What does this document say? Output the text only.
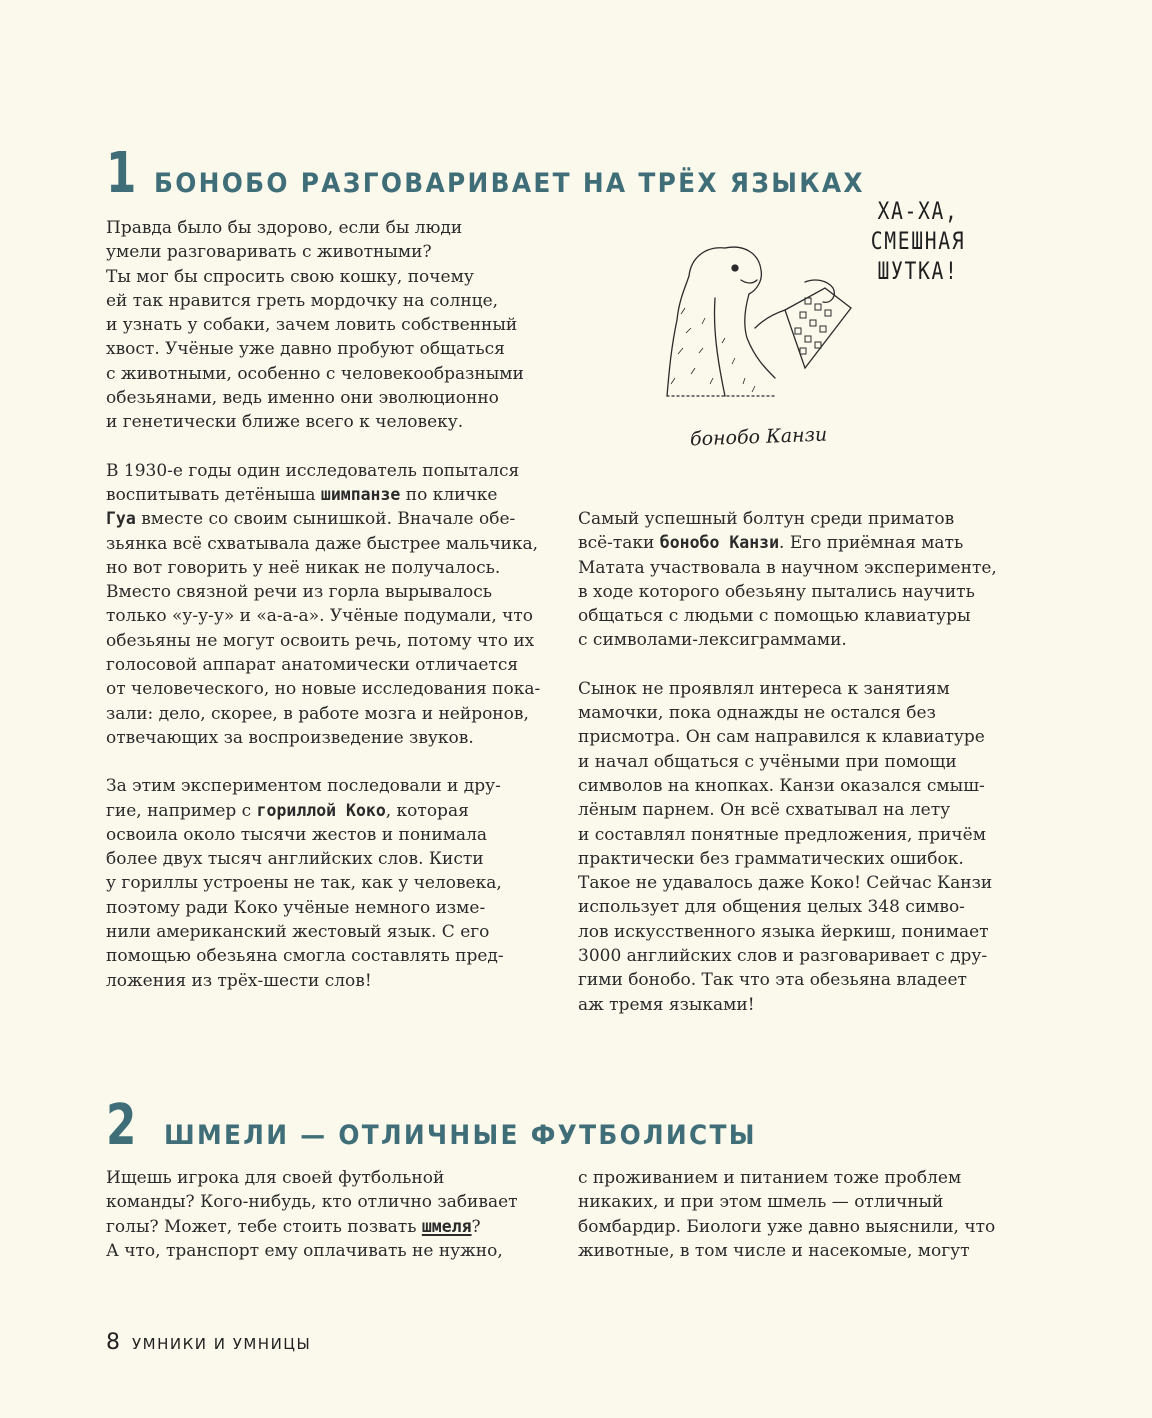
1 БОНОБО РАЗГОВАРИВАЕТ НА ТРЁХ ЯЗЫКАХ

Правда было бы здорово, если бы люди
умели разговаривать с животными?
Ты мог бы спросить свою кошку, почему
ей так нравится греть мордочку на солнце,
и узнать у собаки, зачем ловить собственный
хвост. Учёные уже давно пробуют общаться
с животными, особенно с человекообразными
обезьянами, ведь именно они эволюционно
и генетически ближе всего к человеку.

В 1930-е годы один исследователь попытался
воспитывать детёныша шимпанзе по кличке
Гуа вместе со своим сынишкой. Вначале обе-
зьянка всё схватывала даже быстрее мальчика,
но вот говорить у неё никак не получалось.
Вместо связной речи из горла вырывалось
только «у-у-у» и «а-а-а». Учёные подумали, что
обезьяны не могут освоить речь, потому что их
голосовой аппарат анатомически отличается
от человеческого, но новые исследования пока-
зали: дело, скорее, в работе мозга и нейронов,
отвечающих за воспроизведение звуков.

За этим экспериментом последовали и дру-
гие, например с гориллой Коко, которая
освоила около тысячи жестов и понимала
более двух тысяч английских слов. Кисти
у гориллы устроены не так, как у человека,
поэтому ради Коко учёные немного изме-
нили американский жестовый язык. С его
помощью обезьяна смогла составлять пред-
ложения из трёх-шести слов!

ХА-ХА,
СМЕШНАЯ
ШУТКА!
бонобо Канзи

Самый успешный болтун среди приматов
всё-таки бонобо Канзи. Его приёмная мать
Матата участвовала в научном эксперименте,
в ходе которого обезьяну пытались научить
общаться с людьми с помощью клавиатуры
с символами-лексиграммами.

Сынок не проявлял интереса к занятиям
мамочки, пока однажды не остался без
присмотра. Он сам направился к клавиатуре
и начал общаться с учёными при помощи
символов на кнопках. Канзи оказался смыш-
лёным парнем. Он всё схватывал на лету
и составлял понятные предложения, причём
практически без грамматических ошибок.
Такое не удавалось даже Коко! Сейчас Канзи
использует для общения целых 348 симво-
лов искусственного языка йеркиш, понимает
3000 английских слов и разговаривает с дру-
гими бонобо. Так что эта обезьяна владеет
аж тремя языками!

2 ШМЕЛИ — ОТЛИЧНЫЕ ФУТБОЛИСТЫ

Ищешь игрока для своей футбольной
команды? Кого-нибудь, кто отлично забивает
голы? Может, тебе стоить позвать шмеля?
А что, транспорт ему оплачивать не нужно,

с проживанием и питанием тоже проблем
никаких, и при этом шмель — отличный
бомбардир. Биологи уже давно выяснили, что
животные, в том числе и насекомые, могут

8 УМНИКИ И УМНИЦЫ
